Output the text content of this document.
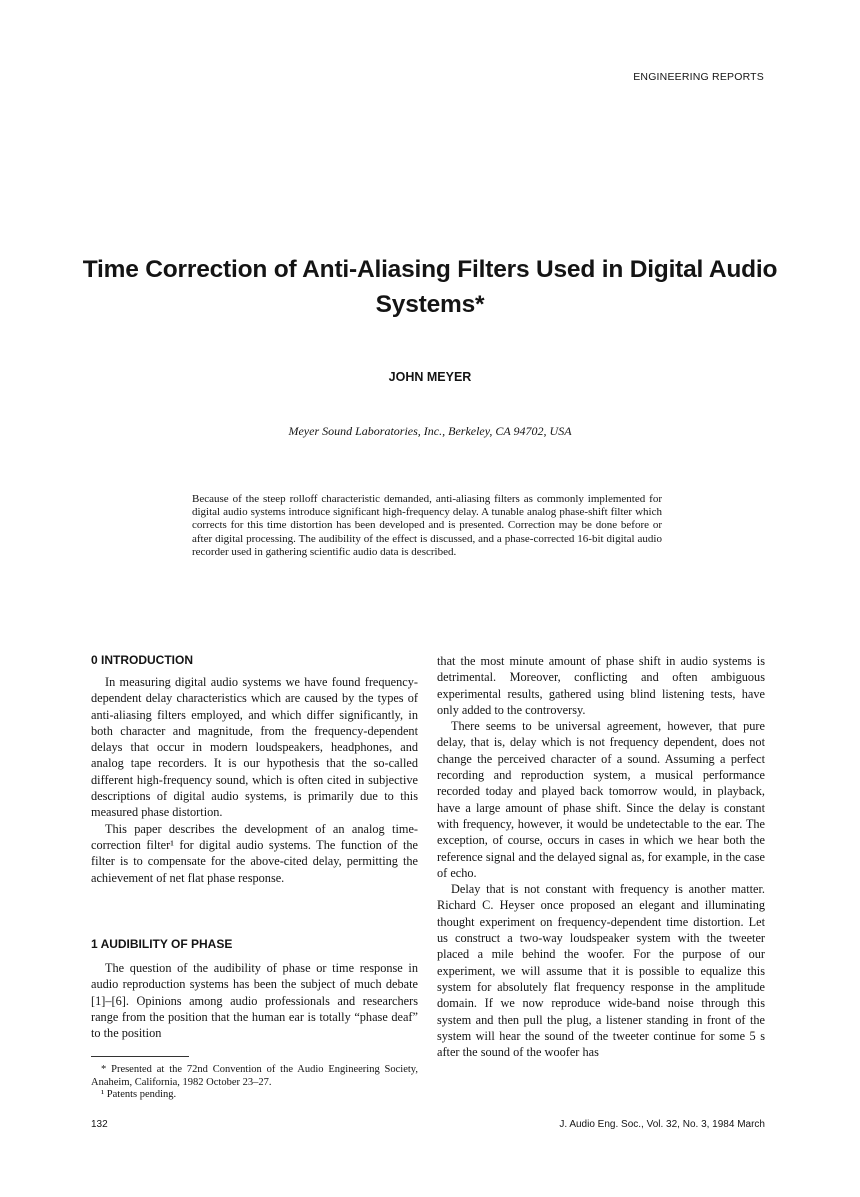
ENGINEERING REPORTS
Time Correction of Anti-Aliasing Filters Used in Digital Audio Systems*
JOHN MEYER
Meyer Sound Laboratories, Inc., Berkeley, CA 94702, USA
Because of the steep rolloff characteristic demanded, anti-aliasing filters as commonly implemented for digital audio systems introduce significant high-frequency delay. A tunable analog phase-shift filter which corrects for this time distortion has been developed and is presented. Correction may be done before or after digital processing. The audibility of the effect is discussed, and a phase-corrected 16-bit digital audio recorder used in gathering scientific audio data is described.
0 INTRODUCTION

In measuring digital audio systems we have found frequency-dependent delay characteristics which are caused by the types of anti-aliasing filters employed, and which differ significantly, in both character and magnitude, from the frequency-dependent delays that occur in modern loudspeakers, headphones, and analog tape recorders. It is our hypothesis that the so-called different high-frequency sound, which is often cited in subjective descriptions of digital audio systems, is primarily due to this measured phase distortion.

This paper describes the development of an analog time-correction filter¹ for digital audio systems. The function of the filter is to compensate for the above-cited delay, permitting the achievement of net flat phase response.

1 AUDIBILITY OF PHASE

The question of the audibility of phase or time response in audio reproduction systems has been the subject of much debate [1]–[6]. Opinions among audio professionals and researchers range from the position that the human ear is totally “phase deaf” to the position

* Presented at the 72nd Convention of the Audio Engineering Society, Anaheim, California, 1982 October 23–27.

¹ Patents pending.

that the most minute amount of phase shift in audio systems is detrimental. Moreover, conflicting and often ambiguous experimental results, gathered using blind listening tests, have only added to the controversy.

There seems to be universal agreement, however, that pure delay, that is, delay which is not frequency dependent, does not change the perceived character of a sound. Assuming a perfect recording and reproduction system, a musical performance recorded today and played back tomorrow would, in playback, have a large amount of phase shift. Since the delay is constant with frequency, however, it would be undetectable to the ear. The exception, of course, occurs in cases in which we hear both the reference signal and the delayed signal as, for example, in the case of echo.

Delay that is not constant with frequency is another matter. Richard C. Heyser once proposed an elegant and illuminating thought experiment on frequency-dependent time distortion. Let us construct a two-way loudspeaker system with the tweeter placed a mile behind the woofer. For the purpose of our experiment, we will assume that it is possible to equalize this system for absolutely flat frequency response in the amplitude domain. If we now reproduce wide-band noise through this system and then pull the plug, a listener standing in front of the system will hear the sound of the tweeter continue for some 5 s after the sound of the woofer has

132	J. Audio Eng. Soc., Vol. 32, No. 3, 1984 March
